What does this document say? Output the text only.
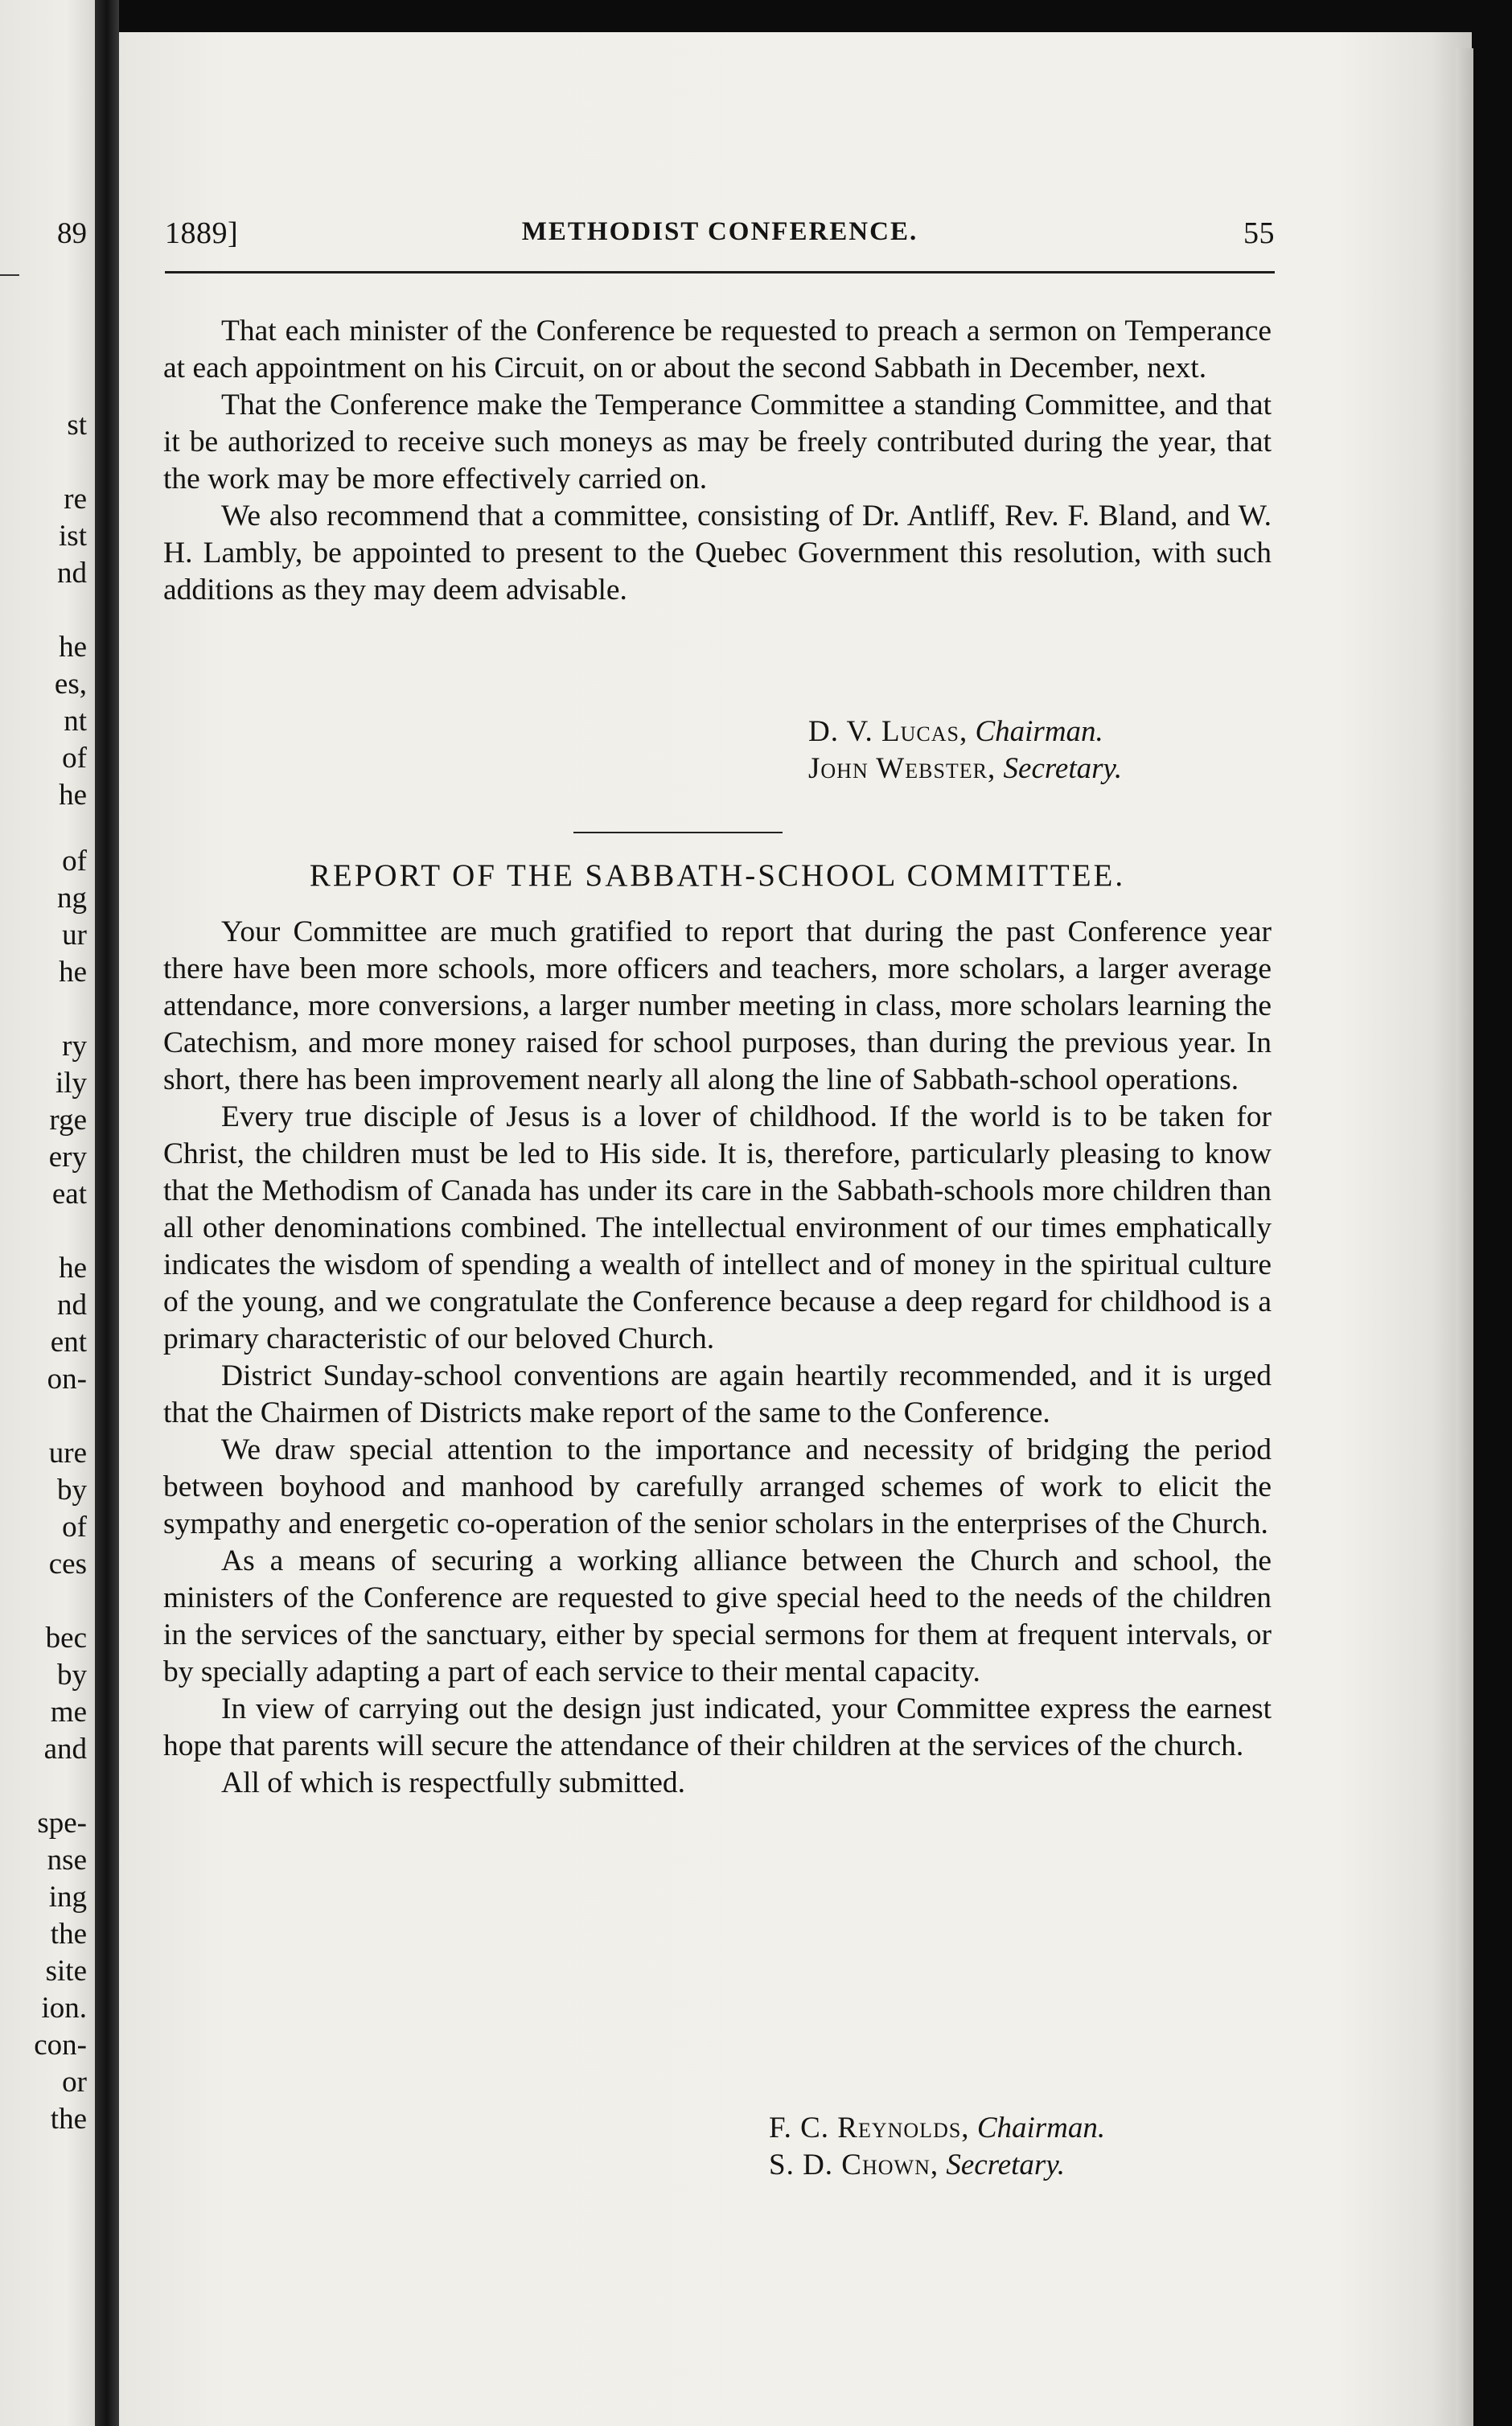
89
st
re
ist
nd
he
es,
nt
of
he
of
ng
ur
he
ry
ily
rge
ery
eat
he
nd
ent
on-
ure
by
of
ces
bec
by
me
and
spe-
nse
ing
the
site
ion.
con-
or
the
1889]	METHODIST CONFERENCE.	55

That each minister of the Conference be requested to preach a sermon on Temperance at each appointment on his Circuit, on or about the second Sabbath in December, next.

That the Conference make the Temperance Committee a standing Committee, and that it be authorized to receive such moneys as may be freely contributed during the year, that the work may be more effectively carried on.

We also recommend that a committee, consisting of Dr. Antliff, Rev. F. Bland, and W. H. Lambly, be appointed to present to the Quebec Government this resolution, with such additions as they may deem advisable.

D. V. Lucas, Chairman.
John Webster, Secretary.
REPORT OF THE SABBATH-SCHOOL COMMITTEE.

Your Committee are much gratified to report that during the past Conference year there have been more schools, more officers and teachers, more scholars, a larger average attendance, more conversions, a larger number meeting in class, more scholars learning the Catechism, and more money raised for school purposes, than during the previous year. In short, there has been improvement nearly all along the line of Sabbath-school operations.

Every true disciple of Jesus is a lover of childhood. If the world is to be taken for Christ, the children must be led to His side. It is, therefore, particularly pleasing to know that the Methodism of Canada has under its care in the Sabbath-schools more children than all other denominations combined. The intellectual environment of our times emphatically indicates the wisdom of spending a wealth of intellect and of money in the spiritual culture of the young, and we congratulate the Conference because a deep regard for childhood is a primary characteristic of our beloved Church.

District Sunday-school conventions are again heartily recommended, and it is urged that the Chairmen of Districts make report of the same to the Conference.

We draw special attention to the importance and necessity of bridging the period between boyhood and manhood by carefully arranged schemes of work to elicit the sympathy and energetic co-operation of the senior scholars in the enterprises of the Church.

As a means of securing a working alliance between the Church and school, the ministers of the Conference are requested to give special heed to the needs of the children in the services of the sanctuary, either by special sermons for them at frequent intervals, or by specially adapting a part of each service to their mental capacity.

In view of carrying out the design just indicated, your Committee express the earnest hope that parents will secure the attendance of their children at the services of the church.

All of which is respectfully submitted.

F. C. Reynolds, Chairman.
S. D. Chown, Secretary.
